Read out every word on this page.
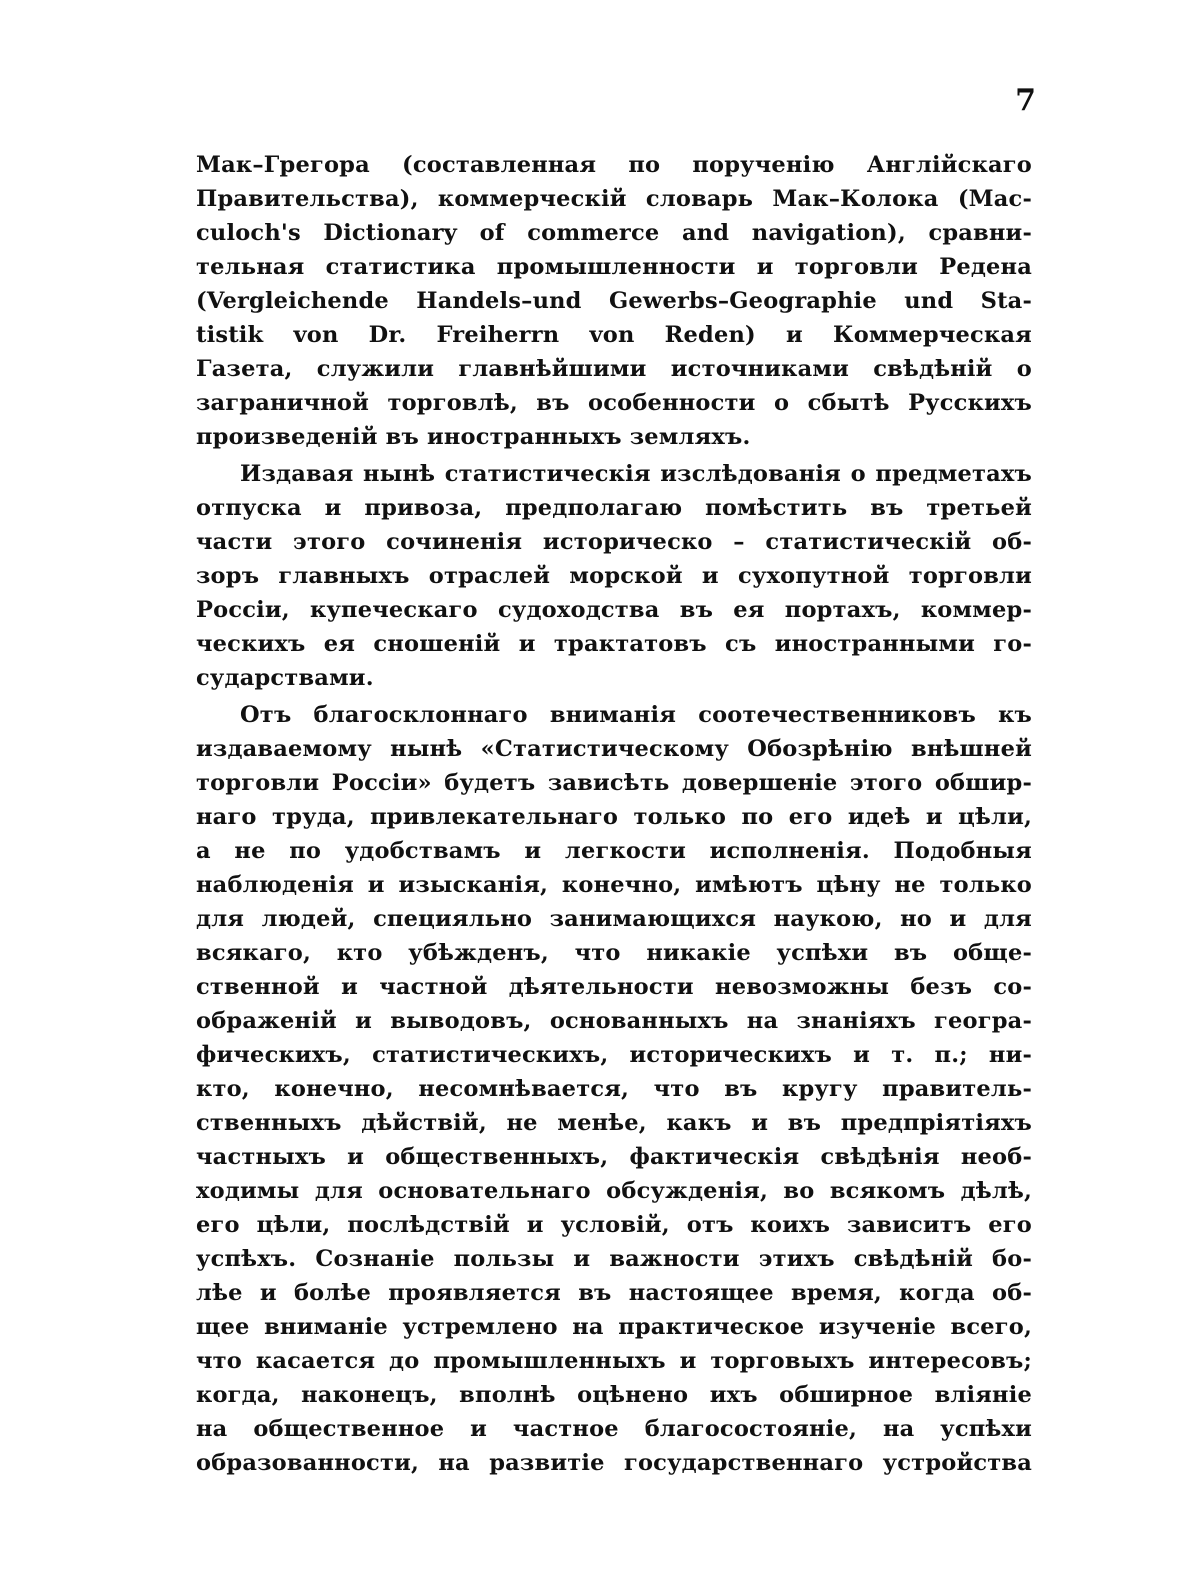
7

Мак–Грегора (составленная по порученію Англійскаго
Правительства), коммерческій словарь Мак–Колока (Мас-
culoch's Dictionary of commerce and navigation), сравни-
тельная статистика промышленности и торговли Редена
(Vergleichende Handels–und Gewerbs–Geographie und Sta-
tistik von Dr. Freiherrn von Reden) и Коммерческая
Газета, служили главнѣйшими источниками свѣдѣній о
заграничной торговлѣ, въ особенности о сбытѣ Русскихъ
произведеній въ иностранныхъ земляхъ.

Издавая нынѣ статистическія изслѣдованія о предметахъ
отпуска и привоза, предполагаю помѣстить въ третьей
части этого сочиненія историческо – статистическій об-
зоръ главныхъ отраслей морской и сухопутной торговли
Россіи, купеческаго судоходства въ ея портахъ, коммер-
ческихъ ея сношеній и трактатовъ съ иностранными го-
сударствами.

Отъ благосклоннаго вниманія соотечественниковъ къ
издаваемому нынѣ «Статистическому Обозрѣнію внѣшней
торговли Россіи» будетъ зависѣть довершеніе этого обшир-
наго труда, привлекательнаго только по его идеѣ и цѣли,
а не по удобствамъ и легкости исполненія. Подобныя
наблюденія и изысканія, конечно, имѣютъ цѣну не только
для людей, специяльно занимающихся наукою, но и для
всякаго, кто убѣжденъ, что никакіе успѣхи въ обще-
ственной и частной дѣятельности невозможны безъ со-
ображеній и выводовъ, основанныхъ на знаніяхъ геогра-
фическихъ, статистическихъ, историческихъ и т. п.; ни-
кто, конечно, несомнѣвается, что въ кругу правитель-
ственныхъ дѣйствій, не менѣе, какъ и въ предпріятіяхъ
частныхъ и общественныхъ, фактическія свѣдѣнія необ-
ходимы для основательнаго обсужденія, во всякомъ дѣлѣ,
его цѣли, послѣдствій и условій, отъ коихъ зависитъ его
успѣхъ. Сознаніе пользы и важности этихъ свѣдѣній бо-
лѣе и болѣе проявляется въ настоящее время, когда об-
щее вниманіе устремлено на практическое изученіе всего,
что касается до промышленныхъ и торговыхъ интересовъ;
когда, наконецъ, вполнѣ оцѣнено ихъ обширное вліяніе
на общественное и частное благосостояніе, на успѣхи
образованности, на развитіе государственнаго устройства
